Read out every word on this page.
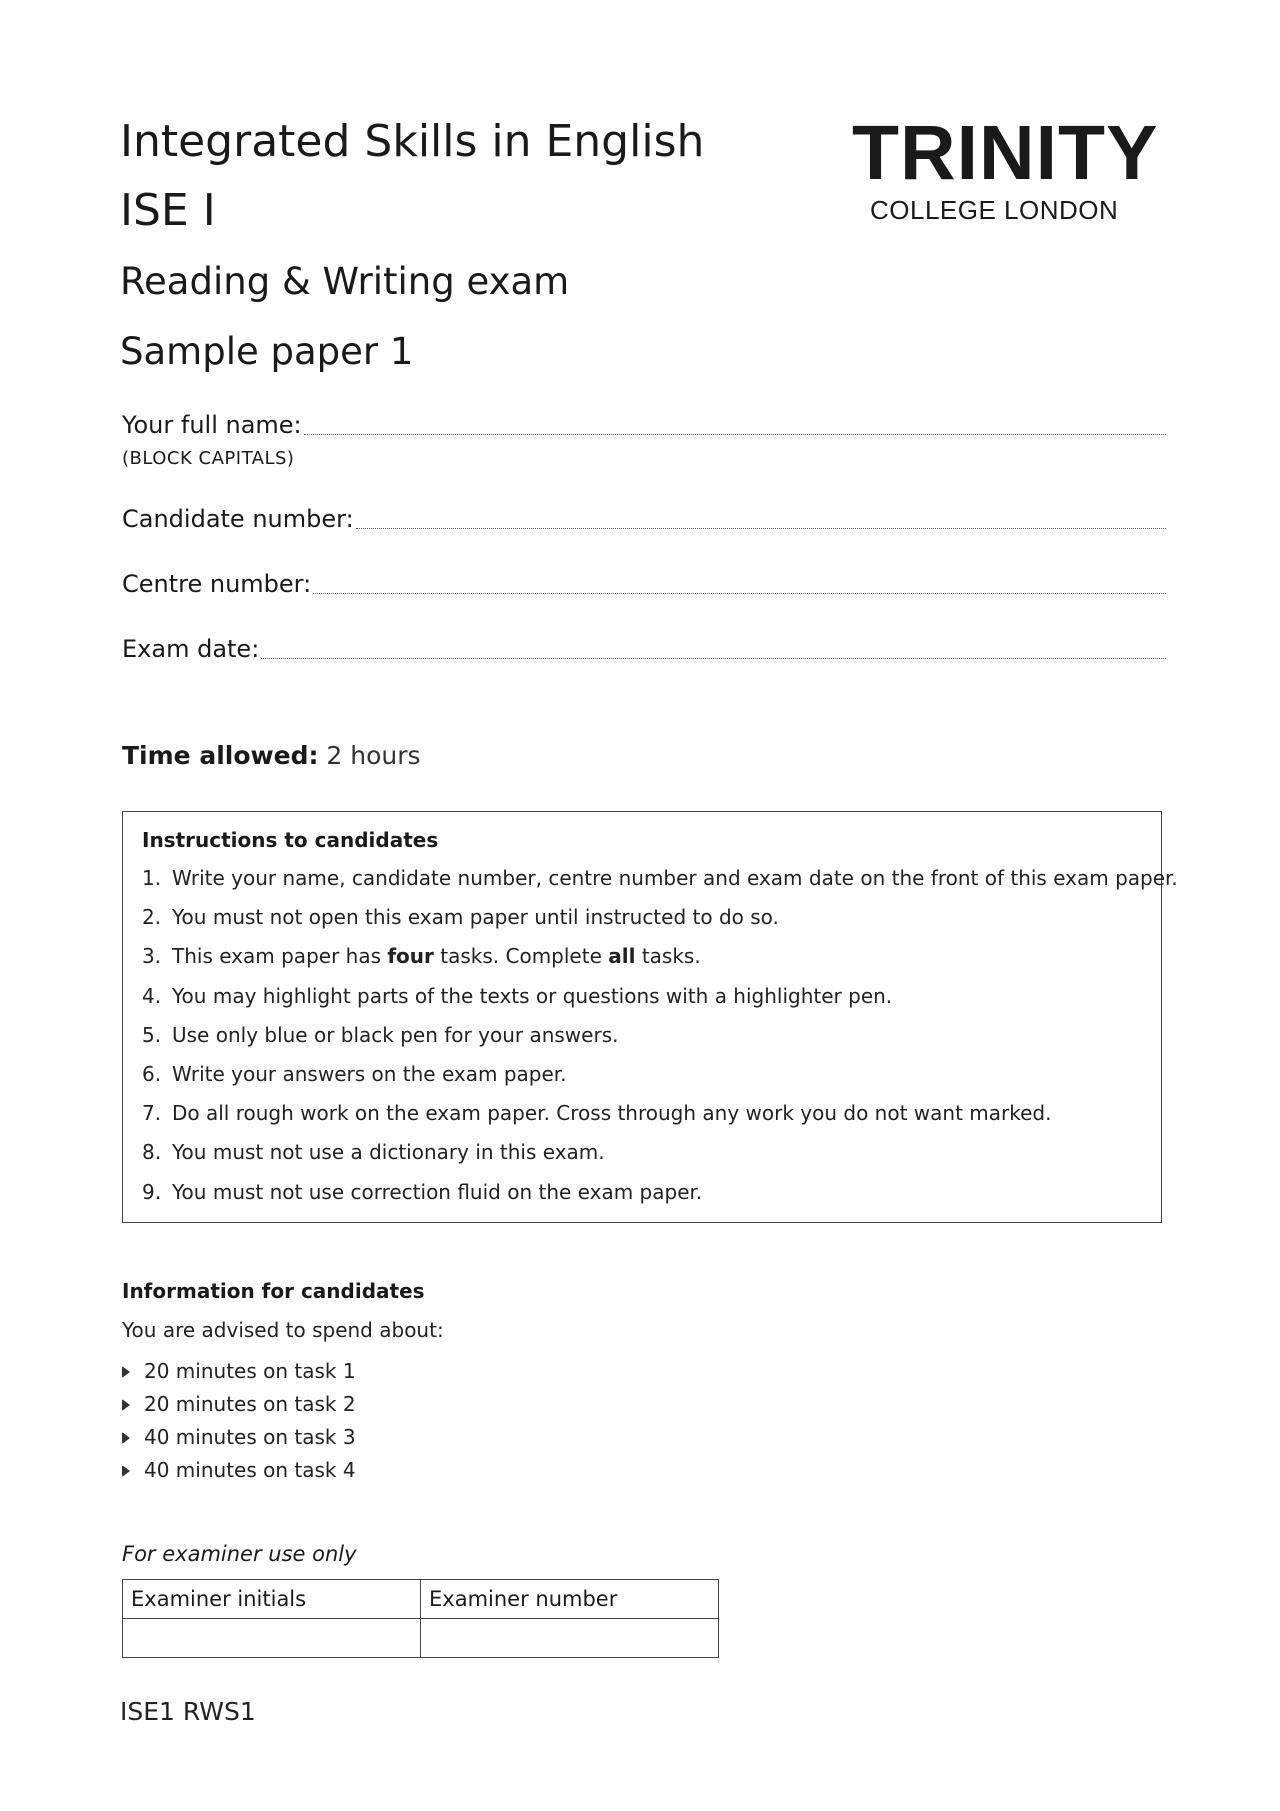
Integrated Skills in English
ISE I
Reading & Writing exam
Sample paper 1
TRINITY
COLLEGE LONDON
Your full name:
(BLOCK CAPITALS)
Candidate number:
Centre number:
Exam date:
Time allowed: 2 hours
Instructions to candidates
1. Write your name, candidate number, centre number and exam date on the front of this exam paper.
2. You must not open this exam paper until instructed to do so.
3. This exam paper has four tasks. Complete all tasks.
4. You may highlight parts of the texts or questions with a highlighter pen.
5. Use only blue or black pen for your answers.
6. Write your answers on the exam paper.
7. Do all rough work on the exam paper. Cross through any work you do not want marked.
8. You must not use a dictionary in this exam.
9. You must not use correction fluid on the exam paper.
Information for candidates
You are advised to spend about:
20 minutes on task 1
20 minutes on task 2
40 minutes on task 3
40 minutes on task 4
For examiner use only
Examiner initials	Examiner number

ISE1 RWS1
